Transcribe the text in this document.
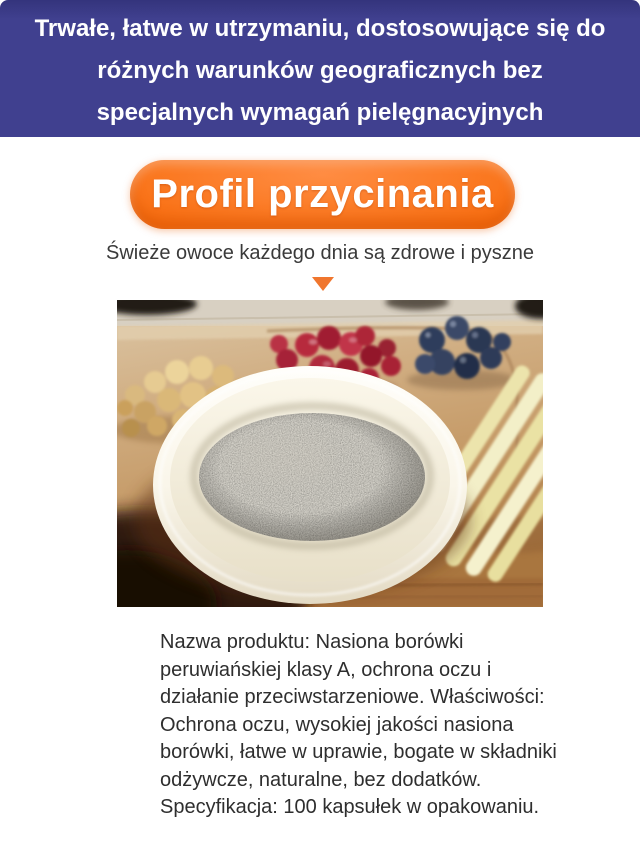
Trwałe, łatwe w utrzymaniu, dostosowujące się do
różnych warunków geograficznych bez
specjalnych wymagań pielęgnacyjnych
Profil przycinania
Świeże owoce każdego dnia są zdrowe i pyszne
Nazwa produktu: Nasiona borówki
peruwiańskiej klasy A, ochrona oczu i
działanie przeciwstarzeniowe. Właściwości:
Ochrona oczu, wysokiej jakości nasiona
borówki, łatwe w uprawie, bogate w składniki
odżywcze, naturalne, bez dodatków.
Specyfikacja: 100 kapsułek w opakowaniu.
